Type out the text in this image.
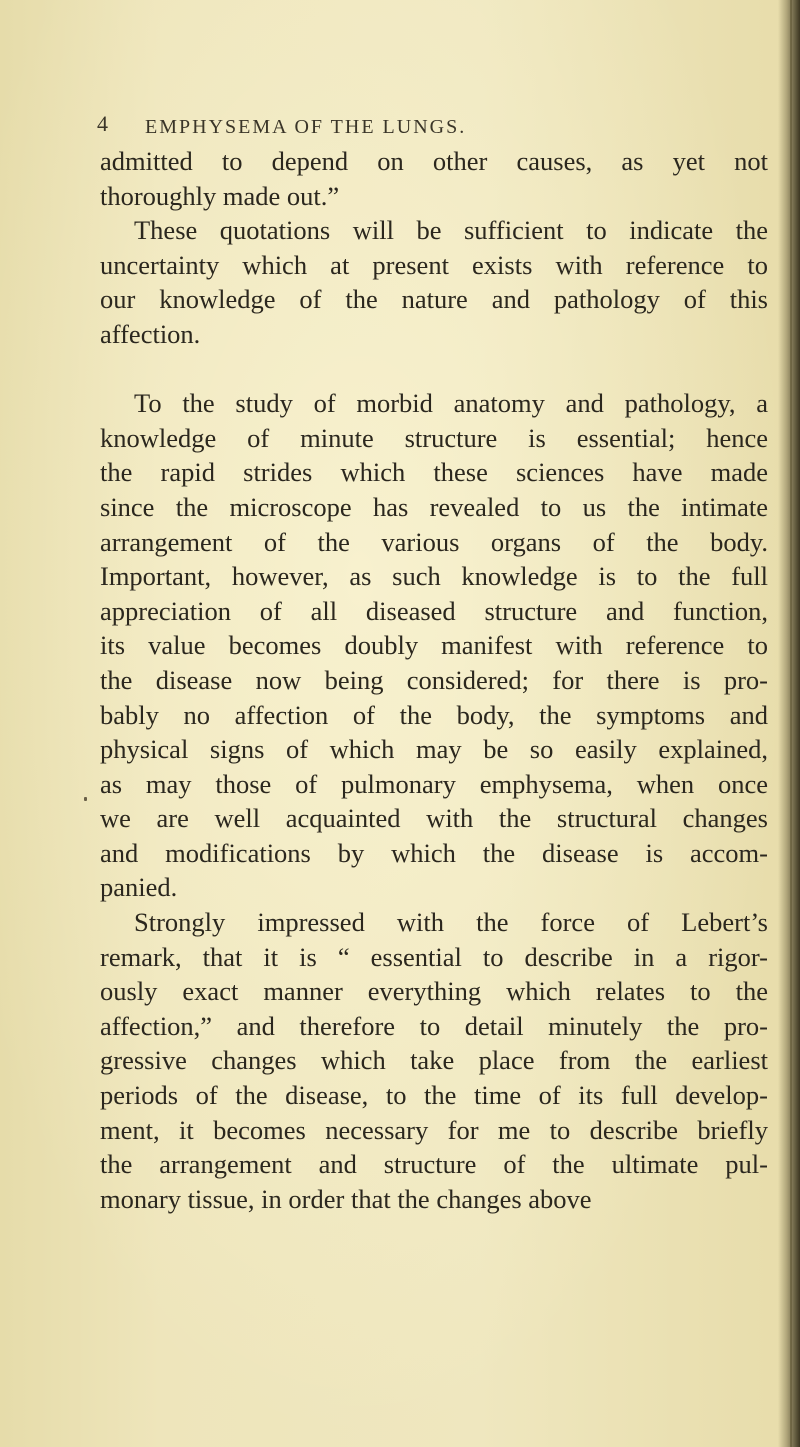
4 EMPHYSEMA OF THE LUNGS.
admitted to depend on other causes, as yet not
thoroughly made out.”
These quotations will be sufficient to indicate the
uncertainty which at present exists with reference to
our knowledge of the nature and pathology of this
affection.
To the study of morbid anatomy and pathology, a
knowledge of minute structure is essential; hence
the rapid strides which these sciences have made
since the microscope has revealed to us the intimate
arrangement of the various organs of the body.
Important, however, as such knowledge is to the full
appreciation of all diseased structure and function,
its value becomes doubly manifest with reference to
the disease now being considered; for there is pro-
bably no affection of the body, the symptoms and
physical signs of which may be so easily explained,
as may those of pulmonary emphysema, when once
we are well acquainted with the structural changes
and modifications by which the disease is accom-
panied.
Strongly impressed with the force of Lebert’s
remark, that it is “ essential to describe in a rigor-
ously exact manner everything which relates to the
affection,” and therefore to detail minutely the pro-
gressive changes which take place from the earliest
periods of the disease, to the time of its full develop-
ment, it becomes necessary for me to describe briefly
the arrangement and structure of the ultimate pul-
monary tissue, in order that the changes above
